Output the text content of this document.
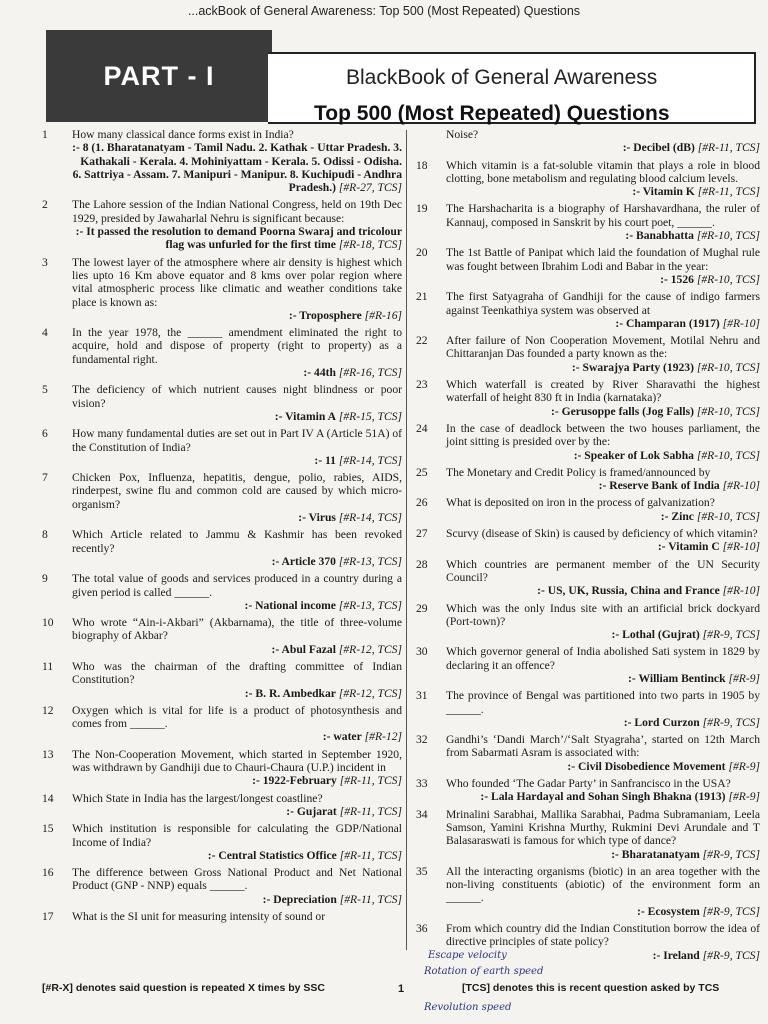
...ackBook of General Awareness: Top 500 (Most Repeated) Questions
PART - I	BlackBook of General Awareness
Top 500 (Most Repeated) Questions
1 How many classical dance forms exist in India?
:- 8 (1. Bharatanatyam - Tamil Nadu. 2. Kathak - Uttar Pradesh. 3. Kathakali - Kerala. 4. Mohiniyattam - Kerala. 5. Odissi - Odisha. 6. Sattriya - Assam. 7. Manipuri - Manipur. 8. Kuchipudi - Andhra Pradesh.) [#R-27, TCS]
2 The Lahore session of the Indian National Congress, held on 19th Dec 1929, presided by Jawaharlal Nehru is significant because:
:- It passed the resolution to demand Poorna Swaraj and tricolour flag was unfurled for the first time [#R-18, TCS]
3 The lowest layer of the atmosphere where air density is highest which lies upto 16 Km above equator and 8 kms over polar region where vital atmospheric process like climatic and weather conditions take place is known as:
:- Troposphere [#R-16]
4 In the year 1978, the ______ amendment eliminated the right to acquire, hold and dispose of property (right to property) as a fundamental right.
:- 44th [#R-16, TCS]
5 The deficiency of which nutrient causes night blindness or poor vision?
:- Vitamin A [#R-15, TCS]
6 How many fundamental duties are set out in Part IV A (Article 51A) of the Constitution of India?
:- 11 [#R-14, TCS]
7 Chicken Pox, Influenza, hepatitis, dengue, polio, rabies, AIDS, rinderpest, swine flu and common cold are caused by which micro-organism?
:- Virus [#R-14, TCS]
8 Which Article related to Jammu & Kashmir has been revoked recently?
:- Article 370 [#R-13, TCS]
9 The total value of goods and services produced in a country during a given period is called ______.
:- National income [#R-13, TCS]
10 Who wrote “Ain-i-Akbari” (Akbarnama), the title of three-volume biography of Akbar?
:- Abul Fazal [#R-12, TCS]
11 Who was the chairman of the drafting committee of Indian Constitution?
:- B. R. Ambedkar [#R-12, TCS]
12 Oxygen which is vital for life is a product of photosynthesis and comes from ______.
:- water [#R-12]
13 The Non-Cooperation Movement, which started in September 1920, was withdrawn by Gandhiji due to Chauri-Chaura (U.P.) incident in
:- 1922-February [#R-11, TCS]
14 Which State in India has the largest/longest coastline?
:- Gujarat [#R-11, TCS]
15 Which institution is responsible for calculating the GDP/National Income of India?
:- Central Statistics Office [#R-11, TCS]
16 The difference between Gross National Product and Net National Product (GNP - NNP) equals ______.
:- Depreciation [#R-11, TCS]
17 What is the SI unit for measuring intensity of sound or
Noise?
:- Decibel (dB) [#R-11, TCS]
18 Which vitamin is a fat-soluble vitamin that plays a role in blood clotting, bone metabolism and regulating blood calcium levels.
:- Vitamin K [#R-11, TCS]
19 The Harshacharita is a biography of Harshavardhana, the ruler of Kannauj, composed in Sanskrit by his court poet, ______.
:- Banabhatta [#R-10, TCS]
20 The 1st Battle of Panipat which laid the foundation of Mughal rule was fought between Ibrahim Lodi and Babar in the year:
:- 1526 [#R-10, TCS]
21 The first Satyagraha of Gandhiji for the cause of indigo farmers against Teenkathiya system was observed at
:- Champaran (1917) [#R-10]
22 After failure of Non Cooperation Movement, Motilal Nehru and Chittaranjan Das founded a party known as the:
:- Swarajya Party (1923) [#R-10, TCS]
23 Which waterfall is created by River Sharavathi the highest waterfall of height 830 ft in India (karnataka)?
:- Gerusoppe falls (Jog Falls) [#R-10, TCS]
24 In the case of deadlock between the two houses parliament, the joint sitting is presided over by the:
:- Speaker of Lok Sabha [#R-10, TCS]
25 The Monetary and Credit Policy is framed/announced by
:- Reserve Bank of India [#R-10]
26 What is deposited on iron in the process of galvanization?
:- Zinc [#R-10, TCS]
27 Scurvy (disease of Skin) is caused by deficiency of which vitamin?
:- Vitamin C [#R-10]
28 Which countries are permanent member of the UN Security Council?
:- US, UK, Russia, China and France [#R-10]
29 Which was the only Indus site with an artificial brick dockyard (Port-town)?
:- Lothal (Gujrat) [#R-9, TCS]
30 Which governor general of India abolished Sati system in 1829 by declaring it an offence?
:- William Bentinck [#R-9]
31 The province of Bengal was partitioned into two parts in 1905 by ______.
:- Lord Curzon [#R-9, TCS]
32 Gandhi’s ‘Dandi March’/‘Salt Styagraha’, started on 12th March from Sabarmati Asram is associated with:
:- Civil Disobedience Movement [#R-9]
33 Who founded ‘The Gadar Party’ in Sanfrancisco in the USA?
:- Lala Hardayal and Sohan Singh Bhakna (1913) [#R-9]
34 Mrinalini Sarabhai, Mallika Sarabhai, Padma Subramaniam, Leela Samson, Yamini Krishna Murthy, Rukmini Devi Arundale and T Balasaraswati is famous for which type of dance?
:- Bharatanatyam [#R-9, TCS]
35 All the interacting organisms (biotic) in an area together with the non-living constituents (abiotic) of the environment form an ______.
:- Ecosystem [#R-9, TCS]
36 From which country did the Indian Constitution borrow the idea of directive principles of state policy?
:- Ireland [#R-9, TCS]
Escape velocity
Rotation of earth speed
Revolution speed
[#R-X] denotes said question is repeated X times by SSC	1	[TCS] denotes this is recent question asked by TCS
